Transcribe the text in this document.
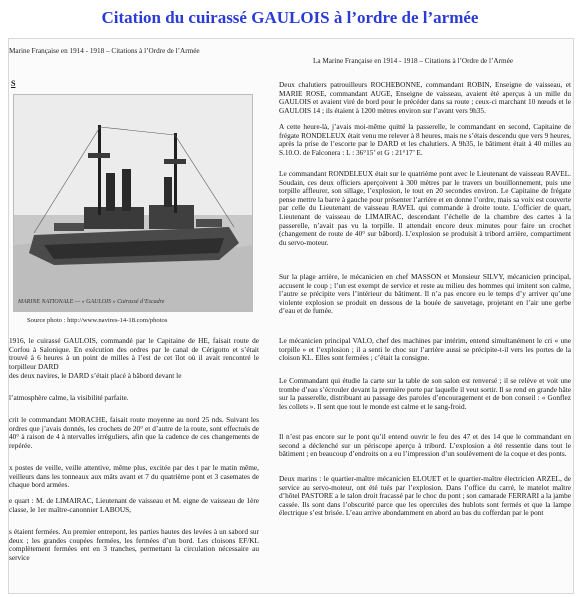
Citation du cuirassé GAULOIS à l’ordre de l’armée
Marine Française en 1914 - 1918 – Citations à l’Ordre de l’Armée
S
MARINE NATIONALE — « GAULOIS » Cuirassé d’Escadre
Source photo : http://www.navires-14-18.com/photos
1916, le cuirassé GAULOIS, commandé par le Capitaine de HE, faisait route de Corfou à Salonique. En exécution des ordres par le canal de Cérigotto et s’était trouvé à 6 heures à un point de milles à l’est de cet îlot où il avait rencontré le torpilleur DARD
des deux navires, le DARD s’était placé à bâbord devant le
l’atmosphère calme, la visibilité parfaite.
crit le commandant MORACHE, faisait route moyenne au nord 25 nds. Suivant les ordres que j’avais donnés, les crochets de 20° et d’autre de la route, sont effectués de 40° à raison de 4 à ntervalles irréguliers, afin que la cadence de ces changements de repérée.
x postes de veille, veille attentive, même plus, excitée par des t par le matin même, veilleurs dans les tonneaux aux mâts avant et 7 du quatrième pont et 3 casemates de chaque bord armées.
e quart : M. de LIMAIRAC, Lieutenant de vaisseau et M. eigne de vaisseau de 1ère classe, le 1er maître-canonnier LABOUS,
s étaient fermées. Au premier entrepont, les parties hautes des levées à un sabord sur deux ; les grandes coupées fermées, les fermées d’un bord. Les cloisons EF/KL complètement fermées ent en 3 tranches, permettant la circulation nécessaire au service
La Marine Française en 1914 - 1918 – Citations à l’Ordre de l’Armée
Deux chalutiers patrouilleurs ROCHEBONNE, commandant ROBIN, Enseigne de vaisseau, et MARIE ROSE, commandant AUGE, Enseigne de vaisseau, avaient été aperçus à un mille du GAULOIS et avaient viré de bord pour le précéder dans sa route ; ceux-ci marchant 10 nœuds et le GAULOIS 14 ; ils étaient à 1200 mètres environ sur l’avant vers 9h35.
A cette heure-là, j’avais moi-même quitté la passerelle, le commandant en second, Capitaine de frégate RONDELEUX était venu me relever à 8 heures, mais ne s’étais descendu que vers 9 heures, après la prise de l’escorte par le DARD et les chalutiers. A 9h35, le bâtiment était à 40 milles au S.10.O. de Falconera : L : 36°15’ et G : 21°17’ E.
Le commandant RONDELEUX était sur le quatrième pont avec le Lieutenant de vaisseau RAVEL. Soudain, ces deux officiers aperçoivent à 300 mètres par le travers un bouillonnement, puis une torpille affleurer, son sillage, l’explosion, le tout en 20 secondes environ. Le Capitaine de frégate pense mettre la barre à gauche pour présenter l’arrière et en donne l’ordre, mais sa voix est couverte par celle du Lieutenant de vaisseau RAVEL qui commande à droite toute. L’officier de quart, Lieutenant de vaisseau de LIMAIRAC, descendant l’échelle de la chambre des cartes à la passerelle, n’avait pas vu la torpille. Il attendait encore deux minutes pour faire un crochet (changement de route de 40° sur bâbord). L’explosion se produisit à tribord arrière, compartiment du servo-moteur.
Sur la plage arrière, le mécanicien en chef MASSON et Monsieur SILVY, mécanicien principal, accusent le coup ; l’un est exempt de service et reste au milieu des hommes qui imitent son calme, l’autre se précipite vers l’intérieur du bâtiment. Il n’a pas encore eu le temps d’y arriver qu’une violente explosion se produit en dessous de la bouée de sauvetage, projetant en l’air une gerbe d’eau et de fumée.
Le mécanicien principal VALO, chef des machines par intérim, entend simultanément le cri « une torpille » et l’explosion ; il a senti le choc sur l’arrière aussi se précipite-t-il vers les portes de la cloison KL. Elles sont fermées ; c’était la consigne.
Le Commandant qui étudie la carte sur la table de son salon est renversé ; il se relève et voit une trombe d’eau s’écrouler devant la première porte par laquelle il veut sortir. Il se rend en grande hâte sur la passerelle, distribuant au passage des paroles d’encouragement et de bon conseil : « Gonflez les collets ». Il sent que tout le monde est calme et le sang-froid.
Il n’est pas encore sur le pont qu’il entend ouvrir le feu des 47 et des 14 que le commandant en second a déclenché sur un périscope aperçu à tribord. L’explosion a été ressentie dans tout le bâtiment ; en beaucoup d’endroits on a eu l’impression d’un soulèvement de la coque et des ponts.
Deux marins : le quartier-maître mécanicien ELOUET et le quartier-maître électricien ARZEL, de service au servo-moteur, ont été tués par l’explosion. Dans l’office du carré, le matelot maître d’hôtel PASTORE a le talon droit fracassé par le choc du pont ; son camarade FERRARI a la jambe cassée. Ils sont dans l’obscurité parce que les opercules des hublots sont fermés et que la lampe électrique s’est brisée. L’eau arrive abondamment en abord au bas du cofferdan par le pont
